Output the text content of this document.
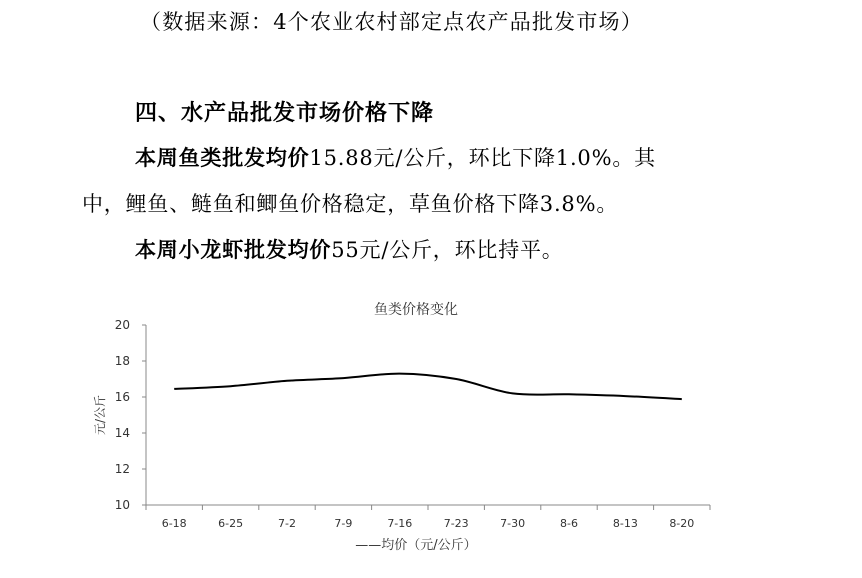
（数据来源：4个农业农村部定点农产品批发市场）
四、水产品批发市场价格下降
本周鱼类批发均价15.88元/公斤，环比下降1.0%。其
中，鲤鱼、鲢鱼和鲫鱼价格稳定，草鱼价格下降3.8%。
本周小龙虾批发均价55元/公斤，环比持平。
鱼类价格变化
10
12
14
16
18
20
6-18	6-25	7-2	7-9	7-16	7-23	7-30	8-6	8-13	8-20
元/公斤
——均价（元/公斤）
